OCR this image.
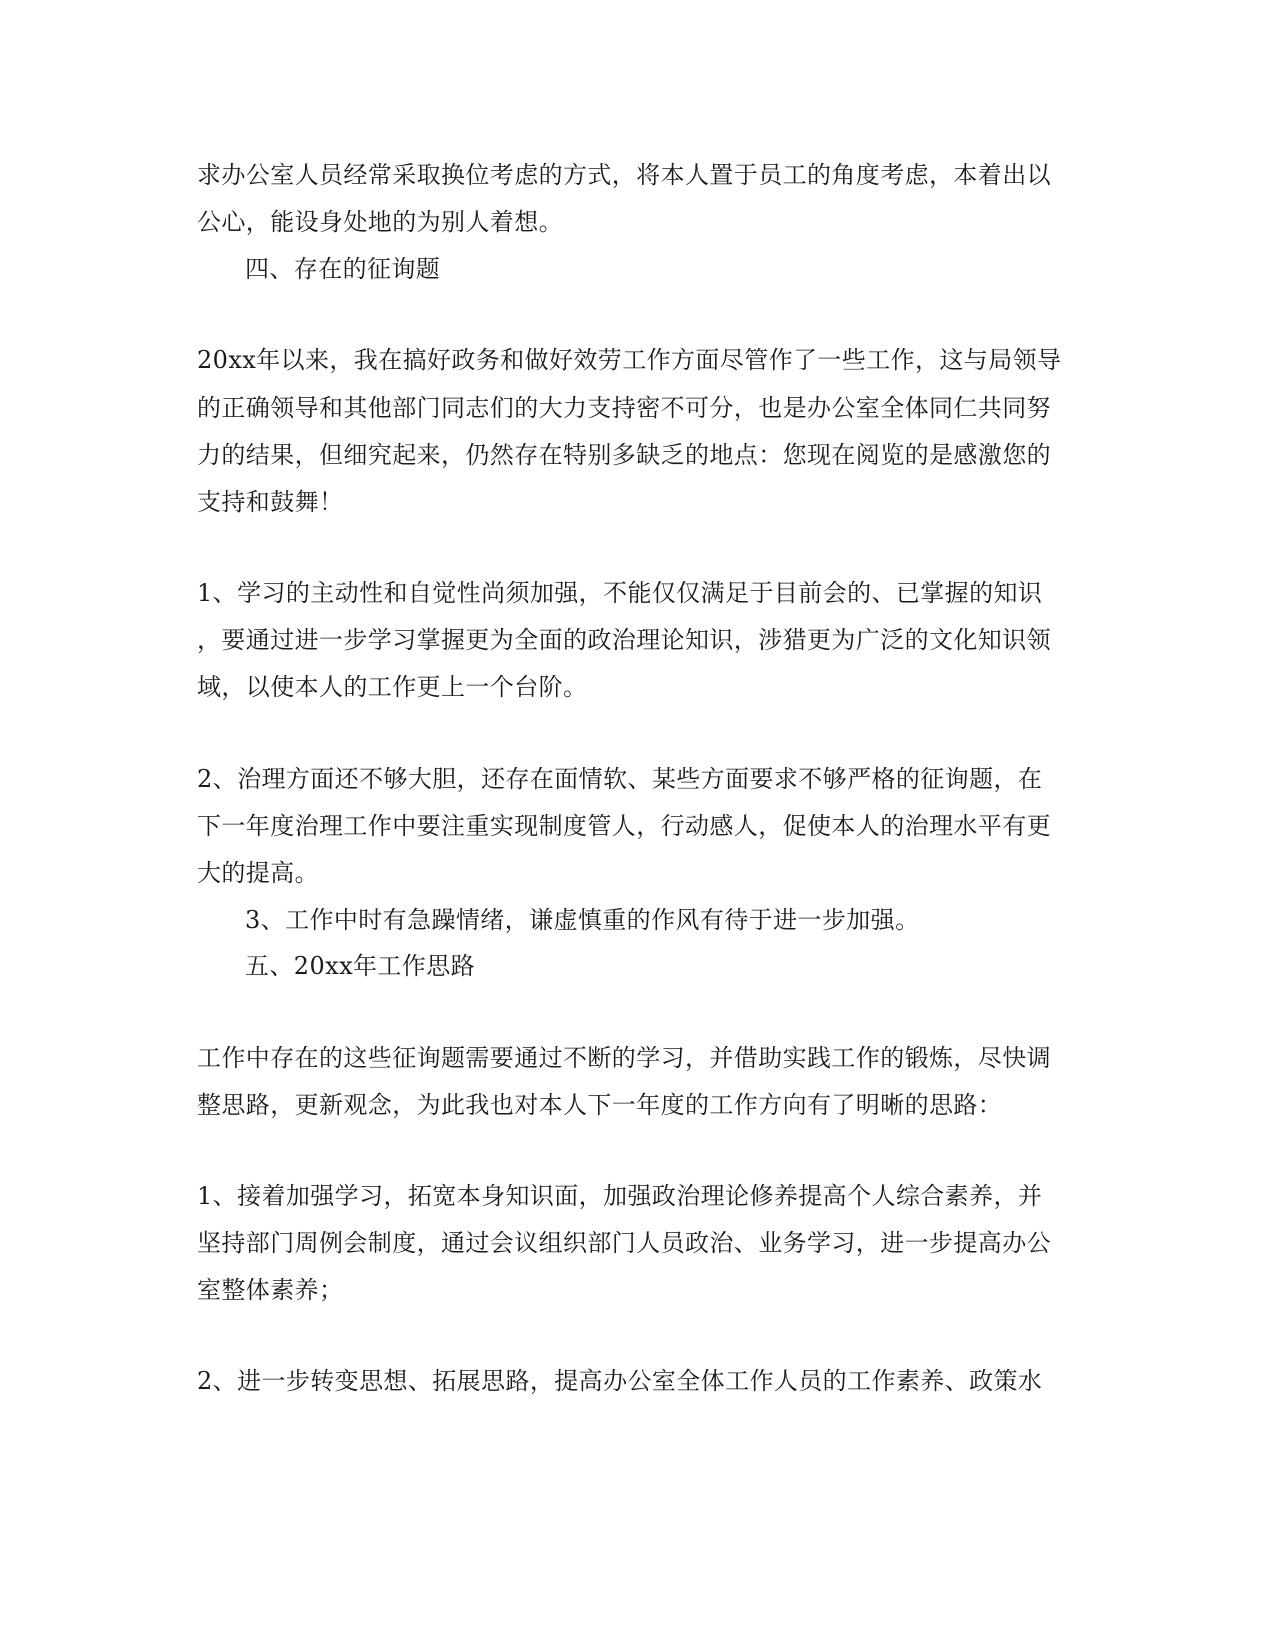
求办公室人员经常采取换位考虑的方式，将本人置于员工的角度考虑，本着出以
公心，能设身处地的为别人着想。
四、存在的征询题
20xx年以来，我在搞好政务和做好效劳工作方面尽管作了一些工作，这与局领导
的正确领导和其他部门同志们的大力支持密不可分，也是办公室全体同仁共同努
力的结果，但细究起来，仍然存在特别多缺乏的地点：您现在阅览的是感激您的
支持和鼓舞！
1、学习的主动性和自觉性尚须加强，不能仅仅满足于目前会的、已掌握的知识
，要通过进一步学习掌握更为全面的政治理论知识，涉猎更为广泛的文化知识领
域，以使本人的工作更上一个台阶。
2、治理方面还不够大胆，还存在面情软、某些方面要求不够严格的征询题，在
下一年度治理工作中要注重实现制度管人，行动感人，促使本人的治理水平有更
大的提高。
3、工作中时有急躁情绪，谦虚慎重的作风有待于进一步加强。
五、20xx年工作思路
工作中存在的这些征询题需要通过不断的学习，并借助实践工作的锻炼，尽快调
整思路，更新观念，为此我也对本人下一年度的工作方向有了明晰的思路：
1、接着加强学习，拓宽本身知识面，加强政治理论修养提高个人综合素养，并
坚持部门周例会制度，通过会议组织部门人员政治、业务学习，进一步提高办公
室整体素养；
2、进一步转变思想、拓展思路，提高办公室全体工作人员的工作素养、政策水
